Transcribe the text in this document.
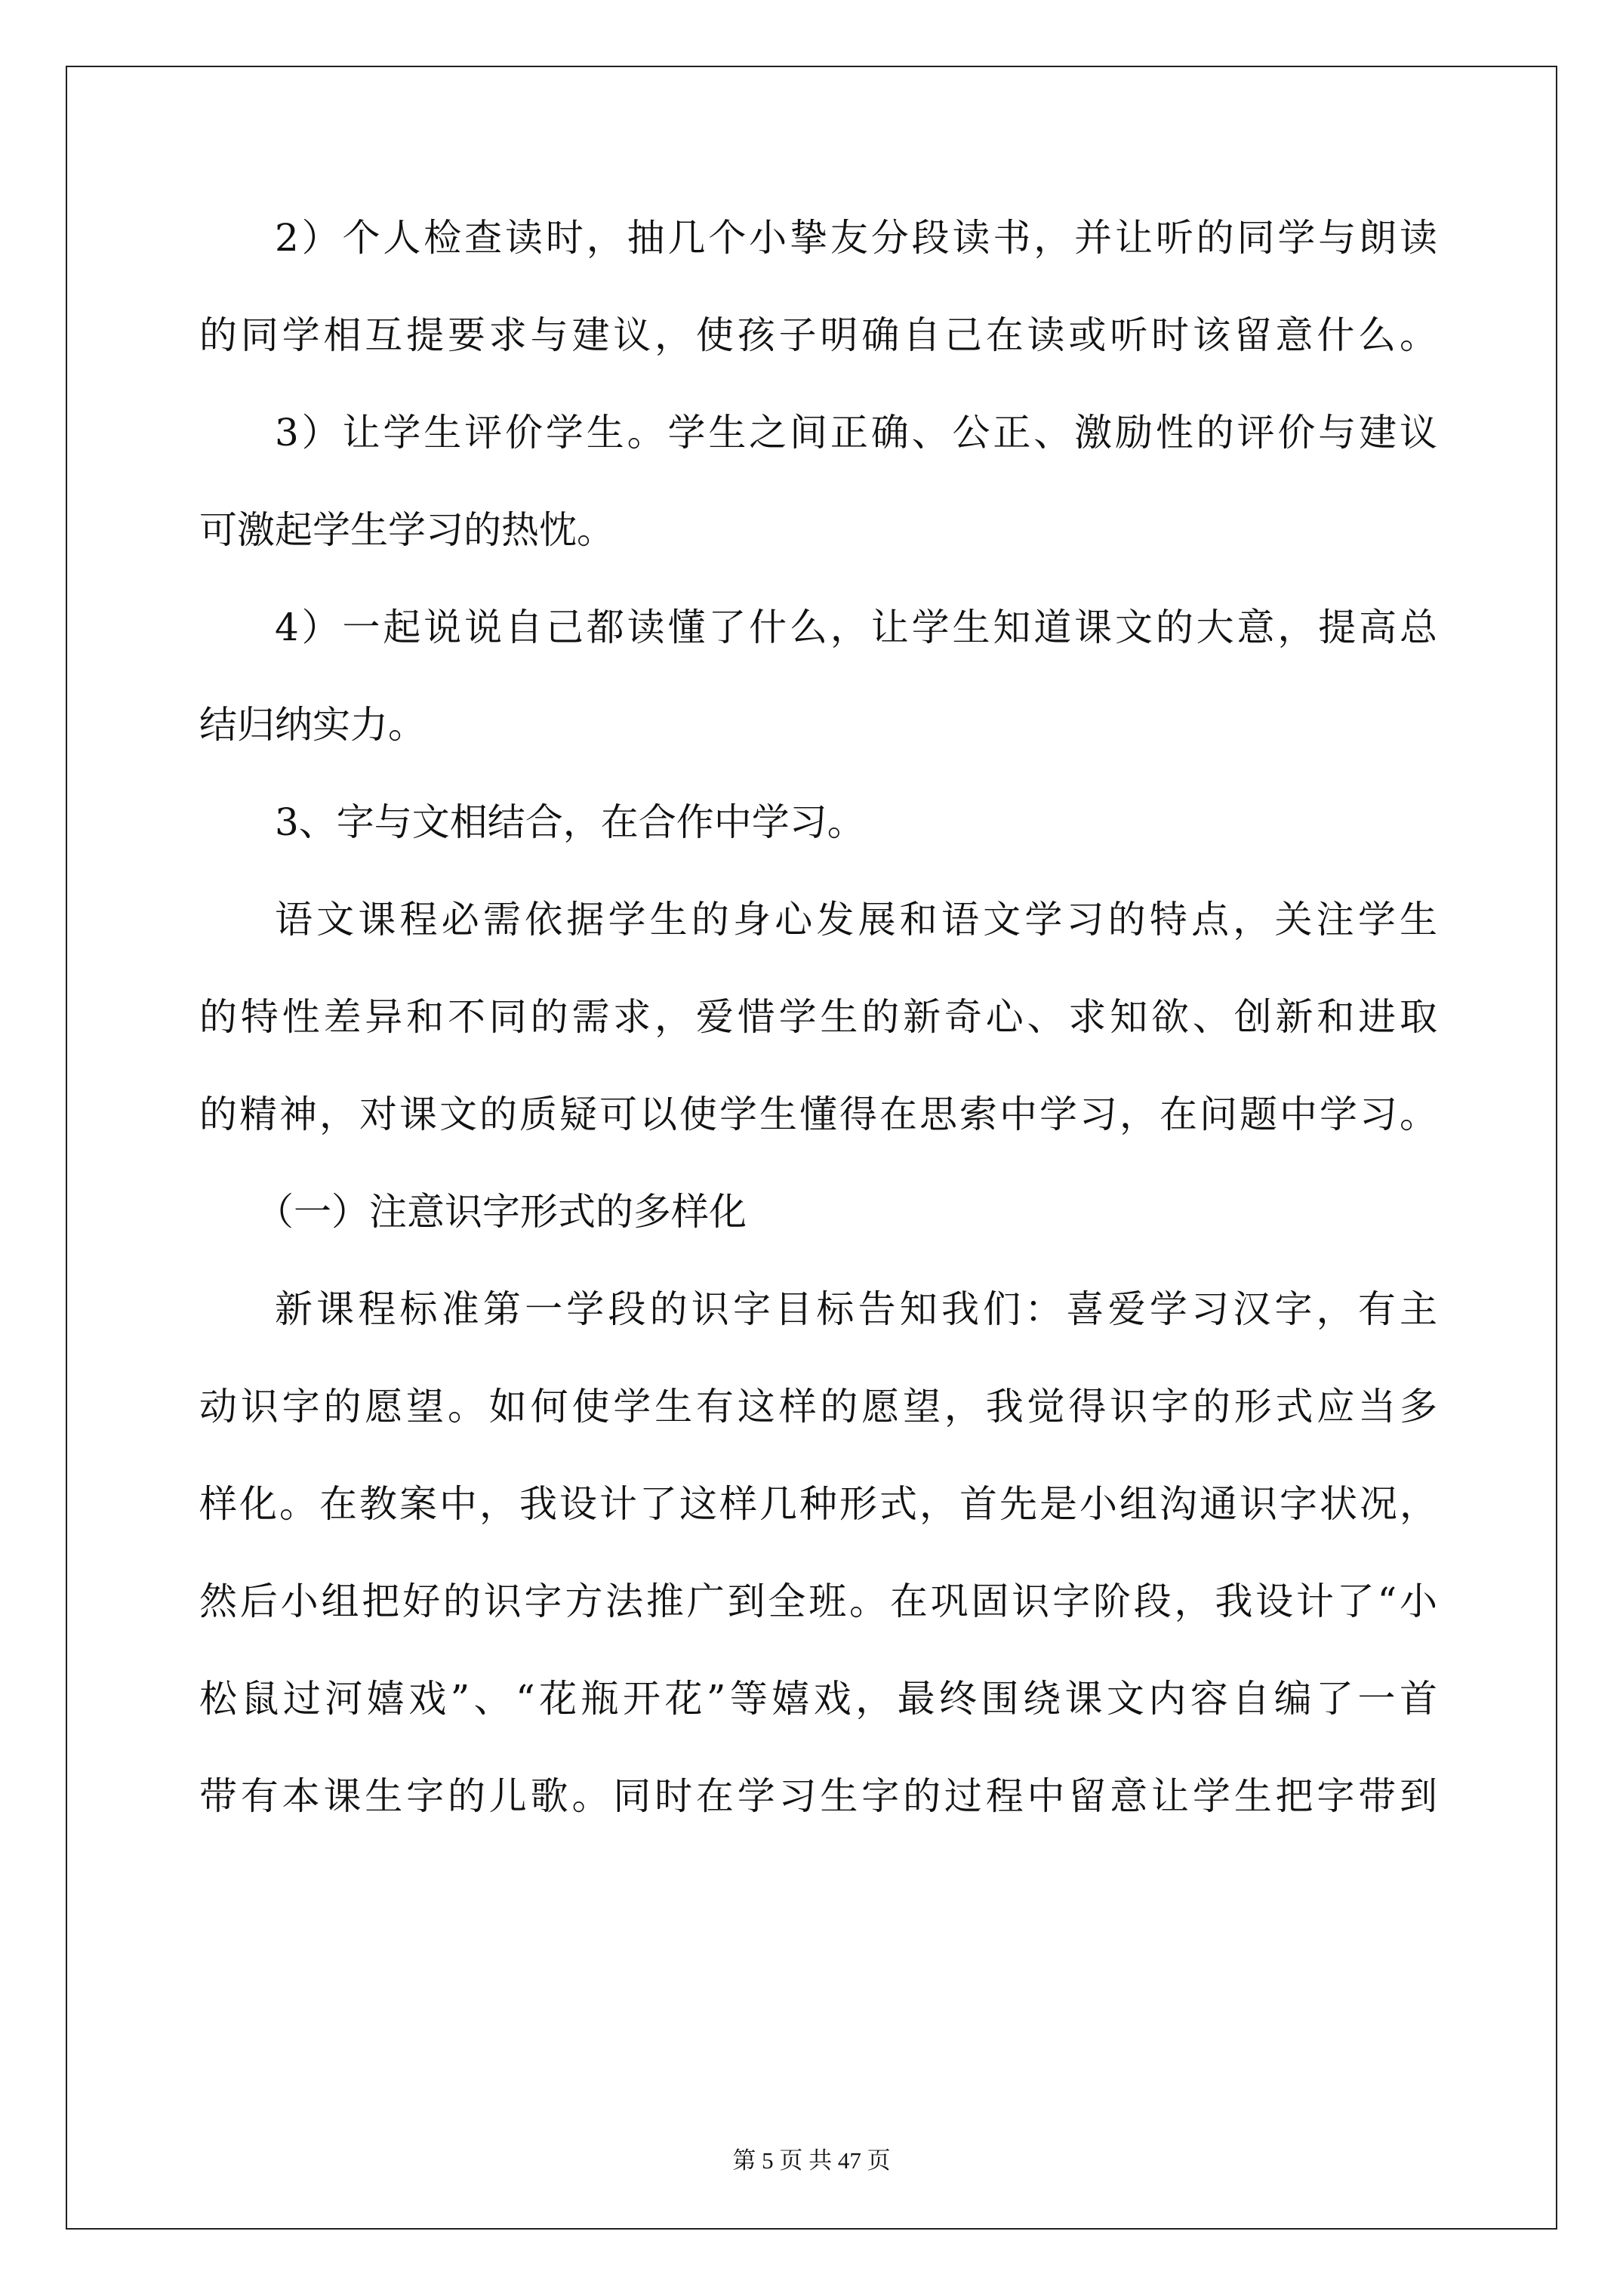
2）个人检查读时，抽几个小挚友分段读书，并让听的同学与朗读
的同学相互提要求与建议，使孩子明确自己在读或听时该留意什么。
3）让学生评价学生。学生之间正确、公正、激励性的评价与建议
可激起学生学习的热忱。
4）一起说说自己都读懂了什么，让学生知道课文的大意，提高总
结归纳实力。
3、字与文相结合，在合作中学习。
语文课程必需依据学生的身心发展和语文学习的特点，关注学生
的特性差异和不同的需求，爱惜学生的新奇心、求知欲、创新和进取
的精神，对课文的质疑可以使学生懂得在思索中学习，在问题中学习。
（一）注意识字形式的多样化
新课程标准第一学段的识字目标告知我们：喜爱学习汉字，有主
动识字的愿望。如何使学生有这样的愿望，我觉得识字的形式应当多
样化。在教案中，我设计了这样几种形式，首先是小组沟通识字状况，
然后小组把好的识字方法推广到全班。在巩固识字阶段，我设计了“小
松鼠过河嬉戏”、“花瓶开花”等嬉戏，最终围绕课文内容自编了一首
带有本课生字的儿歌。同时在学习生字的过程中留意让学生把字带到
第 5 页 共 47 页
